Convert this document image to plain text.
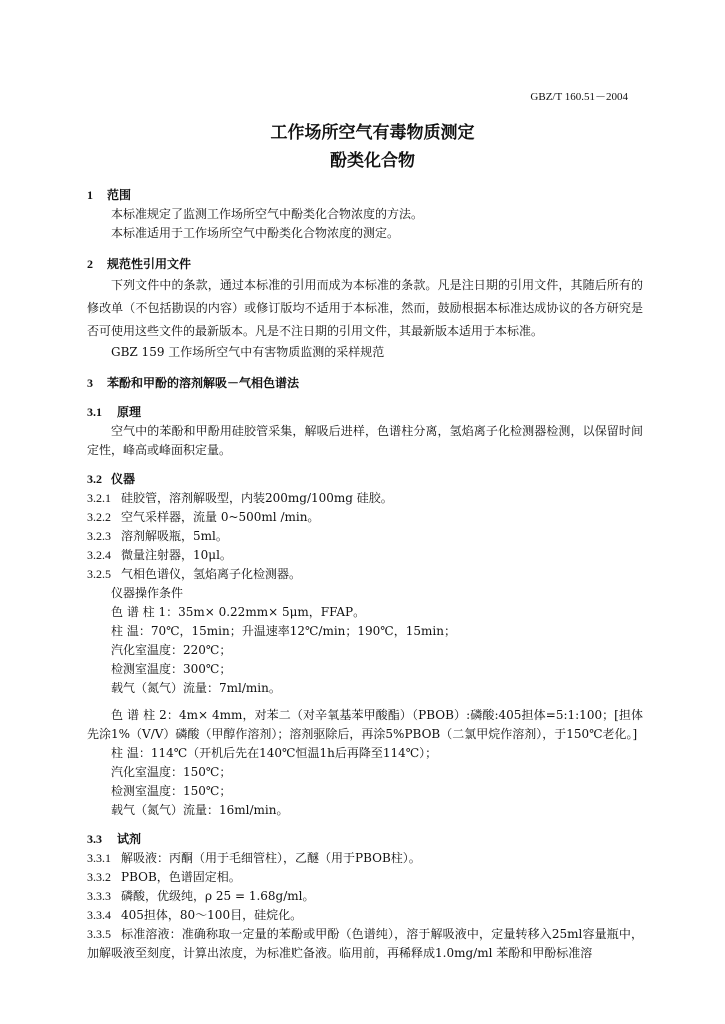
GBZ/T 160.51－2004
工作场所空气有毒物质测定
酚类化合物
1 范围

本标准规定了监测工作场所空气中酚类化合物浓度的方法。

本标准适用于工作场所空气中酚类化合物浓度的测定。

2 规范性引用文件

下列文件中的条款，通过本标准的引用而成为本标准的条款。凡是注日期的引用文件，其随后所有的修改单（不包括勘误的内容）或修订版均不适用于本标准，然而，鼓励根据本标准达成协议的各方研究是否可使用这些文件的最新版本。凡是不注日期的引用文件，其最新版本适用于本标准。

GBZ 159 工作场所空气中有害物质监测的采样规范

3 苯酚和甲酚的溶剂解吸－气相色谱法
3.1 原理

空气中的苯酚和甲酚用硅胶管采集，解吸后进样，色谱柱分离，氢焰离子化检测器检测，以保留时间定性，峰高或峰面积定量。

3.2 仪器
3.2.1 硅胶管，溶剂解吸型，内装200mg/100mg 硅胶。
3.2.2 空气采样器，流量 0~500ml /min。
3.2.3 溶剂解吸瓶，5ml。
3.2.4 微量注射器，10μl。
3.2.5 气相色谱仪，氢焰离子化检测器。
仪器操作条件
色 谱 柱 1：35m× 0.22mm× 5μm，FFAP。
柱 温：70℃，15min；升温速率12℃/min；190℃，15min；
汽化室温度：220℃；
检测室温度：300℃；
载气（氮气）流量：7ml/min。

色 谱 柱 2：4m× 4mm，对苯二（对辛氧基苯甲酸酯）（PBOB）:磷酸:405担体=5:1:100；[担体先涂1%（V/V）磷酸（甲醇作溶剂）；溶剂驱除后，再涂5%PBOB（二氯甲烷作溶剂），于150℃老化。]

柱 温：114℃（开机后先在140℃恒温1h后再降至114℃）；
汽化室温度：150℃；
检测室温度：150℃；
载气（氮气）流量：16ml/min。
3.3 试剂
3.3.1 解吸液：丙酮（用于毛细管柱），乙醚（用于PBOB柱）。
3.3.2 PBOB，色谱固定相。
3.3.3 磷酸，优级纯，ρ 25 = 1.68g/ml。
3.3.4 405担体，80～100目，硅烷化。
3.3.5 标准溶液：准确称取一定量的苯酚或甲酚（色谱纯），溶于解吸液中，定量转移入25ml容量瓶中，加解吸液至刻度，计算出浓度，为标准贮备液。临用前，再稀释成1.0mg/ml 苯酚和甲酚标准溶
